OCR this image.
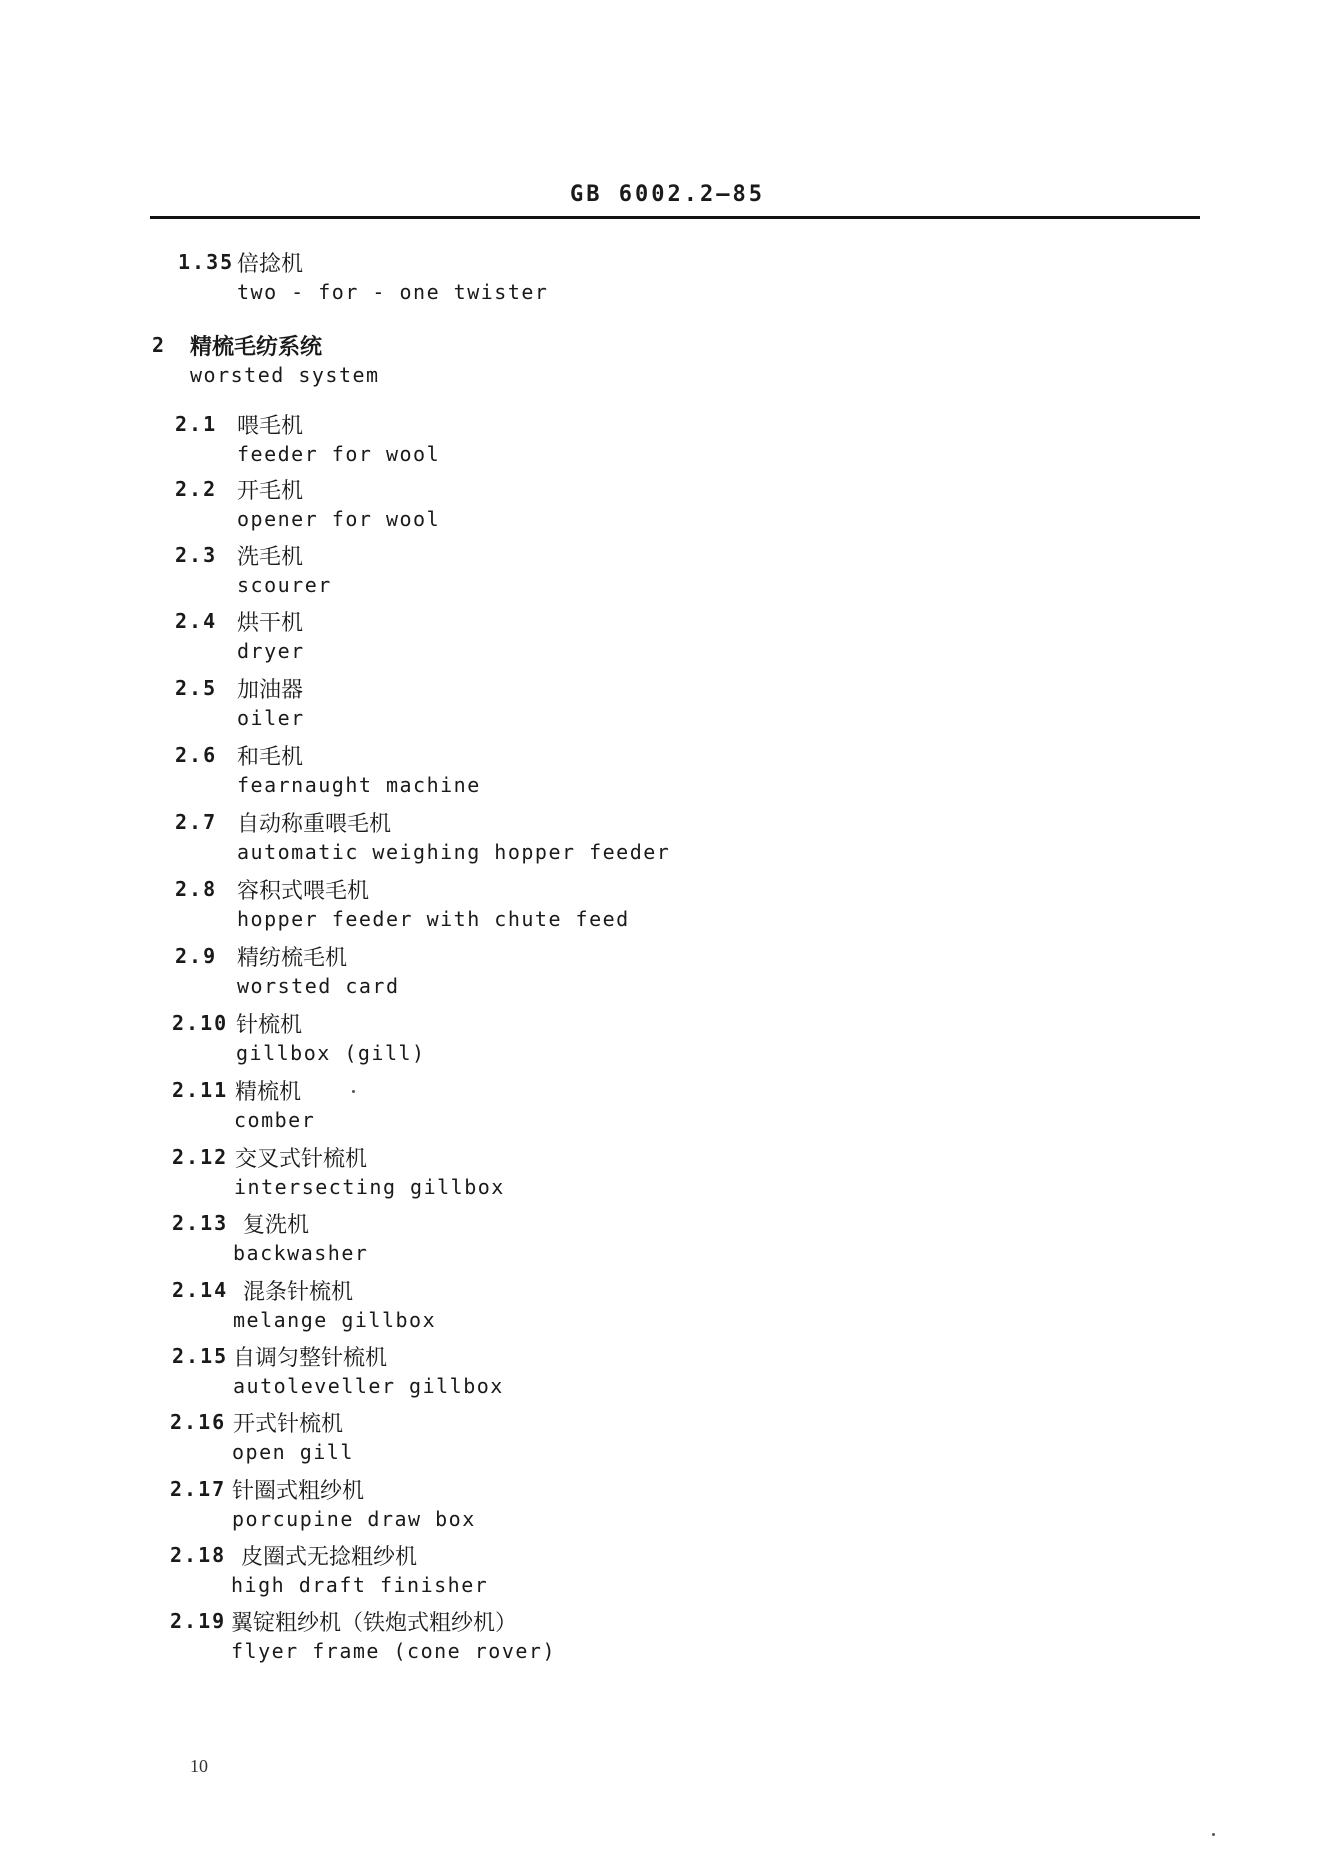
GB 6002.2—85
1.35 倍捻机
two - for - one twister
2 精梳毛纺系统
worsted system
2.1 喂毛机
feeder for wool
2.2 开毛机
opener for wool
2.3 洗毛机
scourer
2.4 烘干机
dryer
2.5 加油器
oiler
2.6 和毛机
fearnaught machine
2.7 自动称重喂毛机
automatic weighing hopper feeder
2.8 容积式喂毛机
hopper feeder with chute feed
2.9 精纺梳毛机
worsted card
2.10 针梳机
gillbox (gill)
2.11 精梳机
comber
2.12 交叉式针梳机
intersecting gillbox
2.13 复洗机
backwasher
2.14 混条针梳机
melange gillbox
2.15 自调匀整针梳机
autoleveller gillbox
2.16 开式针梳机
open gill
2.17 针圈式粗纱机
porcupine draw box
2.18 皮圈式无捻粗纱机
high draft finisher
2.19 翼锭粗纱机（铁炮式粗纱机）
flyer frame (cone rover)
10
